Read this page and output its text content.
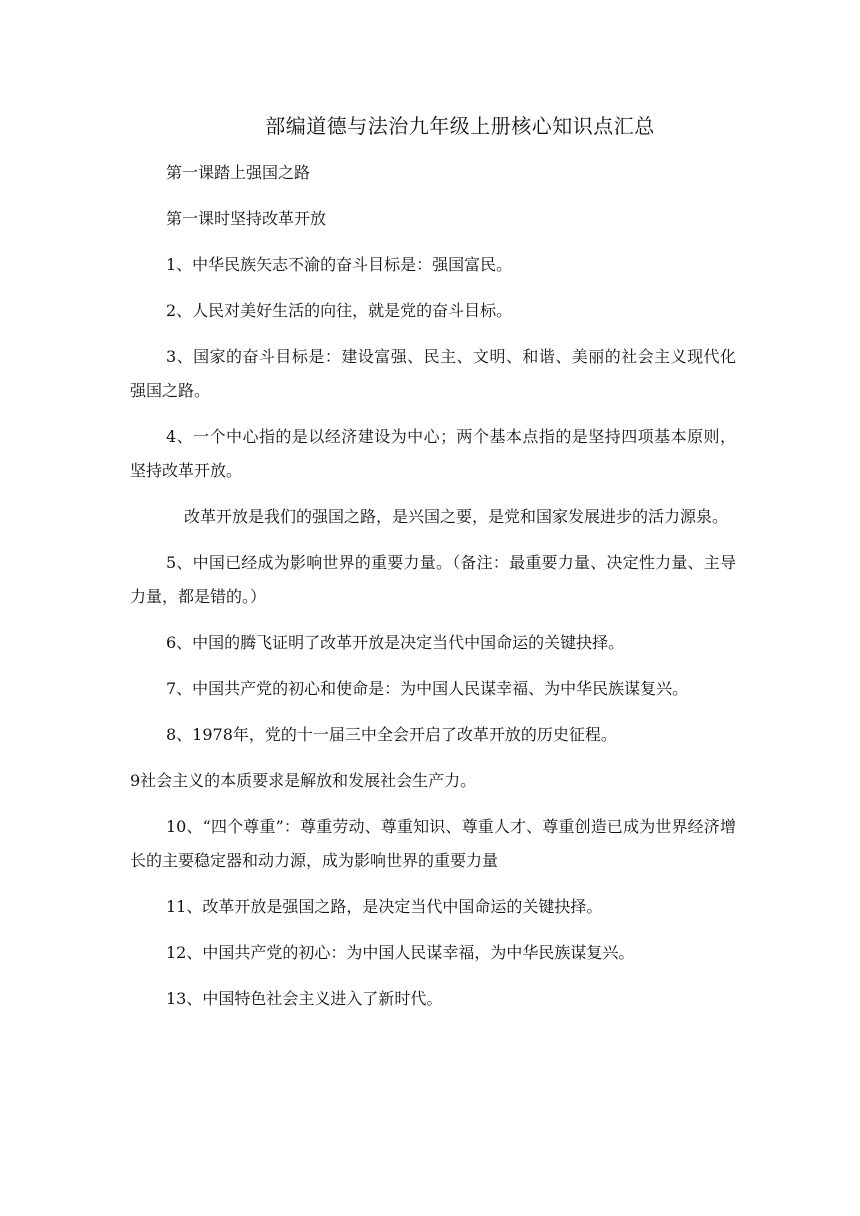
部编道德与法治九年级上册核心知识点汇总

第一课踏上强国之路

第一课时坚持改革开放

1、中华民族矢志不渝的奋斗目标是：强国富民。

2、人民对美好生活的向往，就是党的奋斗目标。

3、国家的奋斗目标是：建设富强、民主、文明、和谐、美丽的社会主义现代化强国之路。

4、一个中心指的是以经济建设为中心；两个基本点指的是坚持四项基本原则，坚持改革开放。

改革开放是我们的强国之路，是兴国之要，是党和国家发展进步的活力源泉。

5、中国已经成为影响世界的重要力量。（备注：最重要力量、决定性力量、主导力量，都是错的。）

6、中国的腾飞证明了改革开放是决定当代中国命运的关键抉择。

7、中国共产党的初心和使命是：为中国人民谋幸福、为中华民族谋复兴。

8、1978年，党的十一届三中全会开启了改革开放的历史征程。

9社会主义的本质要求是解放和发展社会生产力。

10、“四个尊重”：尊重劳动、尊重知识、尊重人才、尊重创造已成为世界经济增长的主要稳定器和动力源，成为影响世界的重要力量

11、改革开放是强国之路，是决定当代中国命运的关键抉择。

12、中国共产党的初心：为中国人民谋幸福，为中华民族谋复兴。

13、中国特色社会主义进入了新时代。
